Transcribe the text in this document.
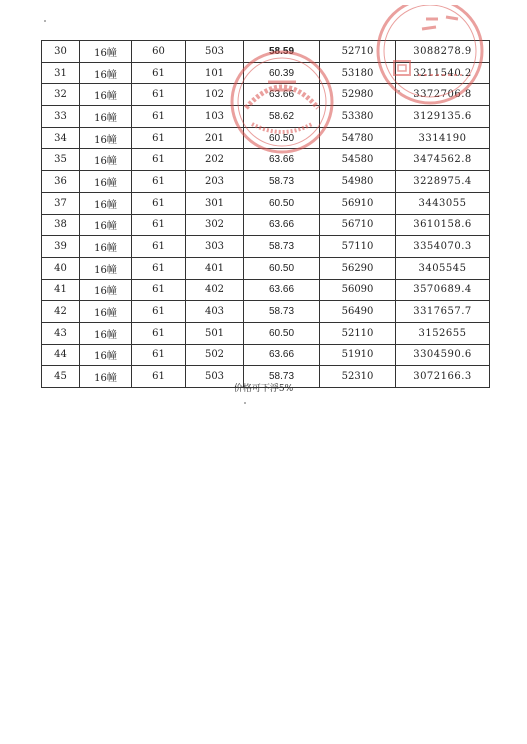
30	16幢	60	503	58.59	52710	3088278.9
31	16幢	61	101	60.39	53180	3211540.2
32	16幢	61	102	63.66	52980	3372706.8
33	16幢	61	103	58.62	53380	3129135.6
34	16幢	61	201	60.50	54780	3314190
35	16幢	61	202	63.66	54580	3474562.8
36	16幢	61	203	58.73	54980	3228975.4
37	16幢	61	301	60.50	56910	3443055
38	16幢	61	302	63.66	56710	3610158.6
39	16幢	61	303	58.73	57110	3354070.3
40	16幢	61	401	60.50	56290	3405545
41	16幢	61	402	63.66	56090	3570689.4
42	16幢	61	403	58.73	56490	3317657.7
43	16幢	61	501	60.50	52110	3152655
44	16幢	61	502	63.66	51910	3304590.6
45	16幢	61	503	58.73	52310	3072166.3
价格可下浮5%
